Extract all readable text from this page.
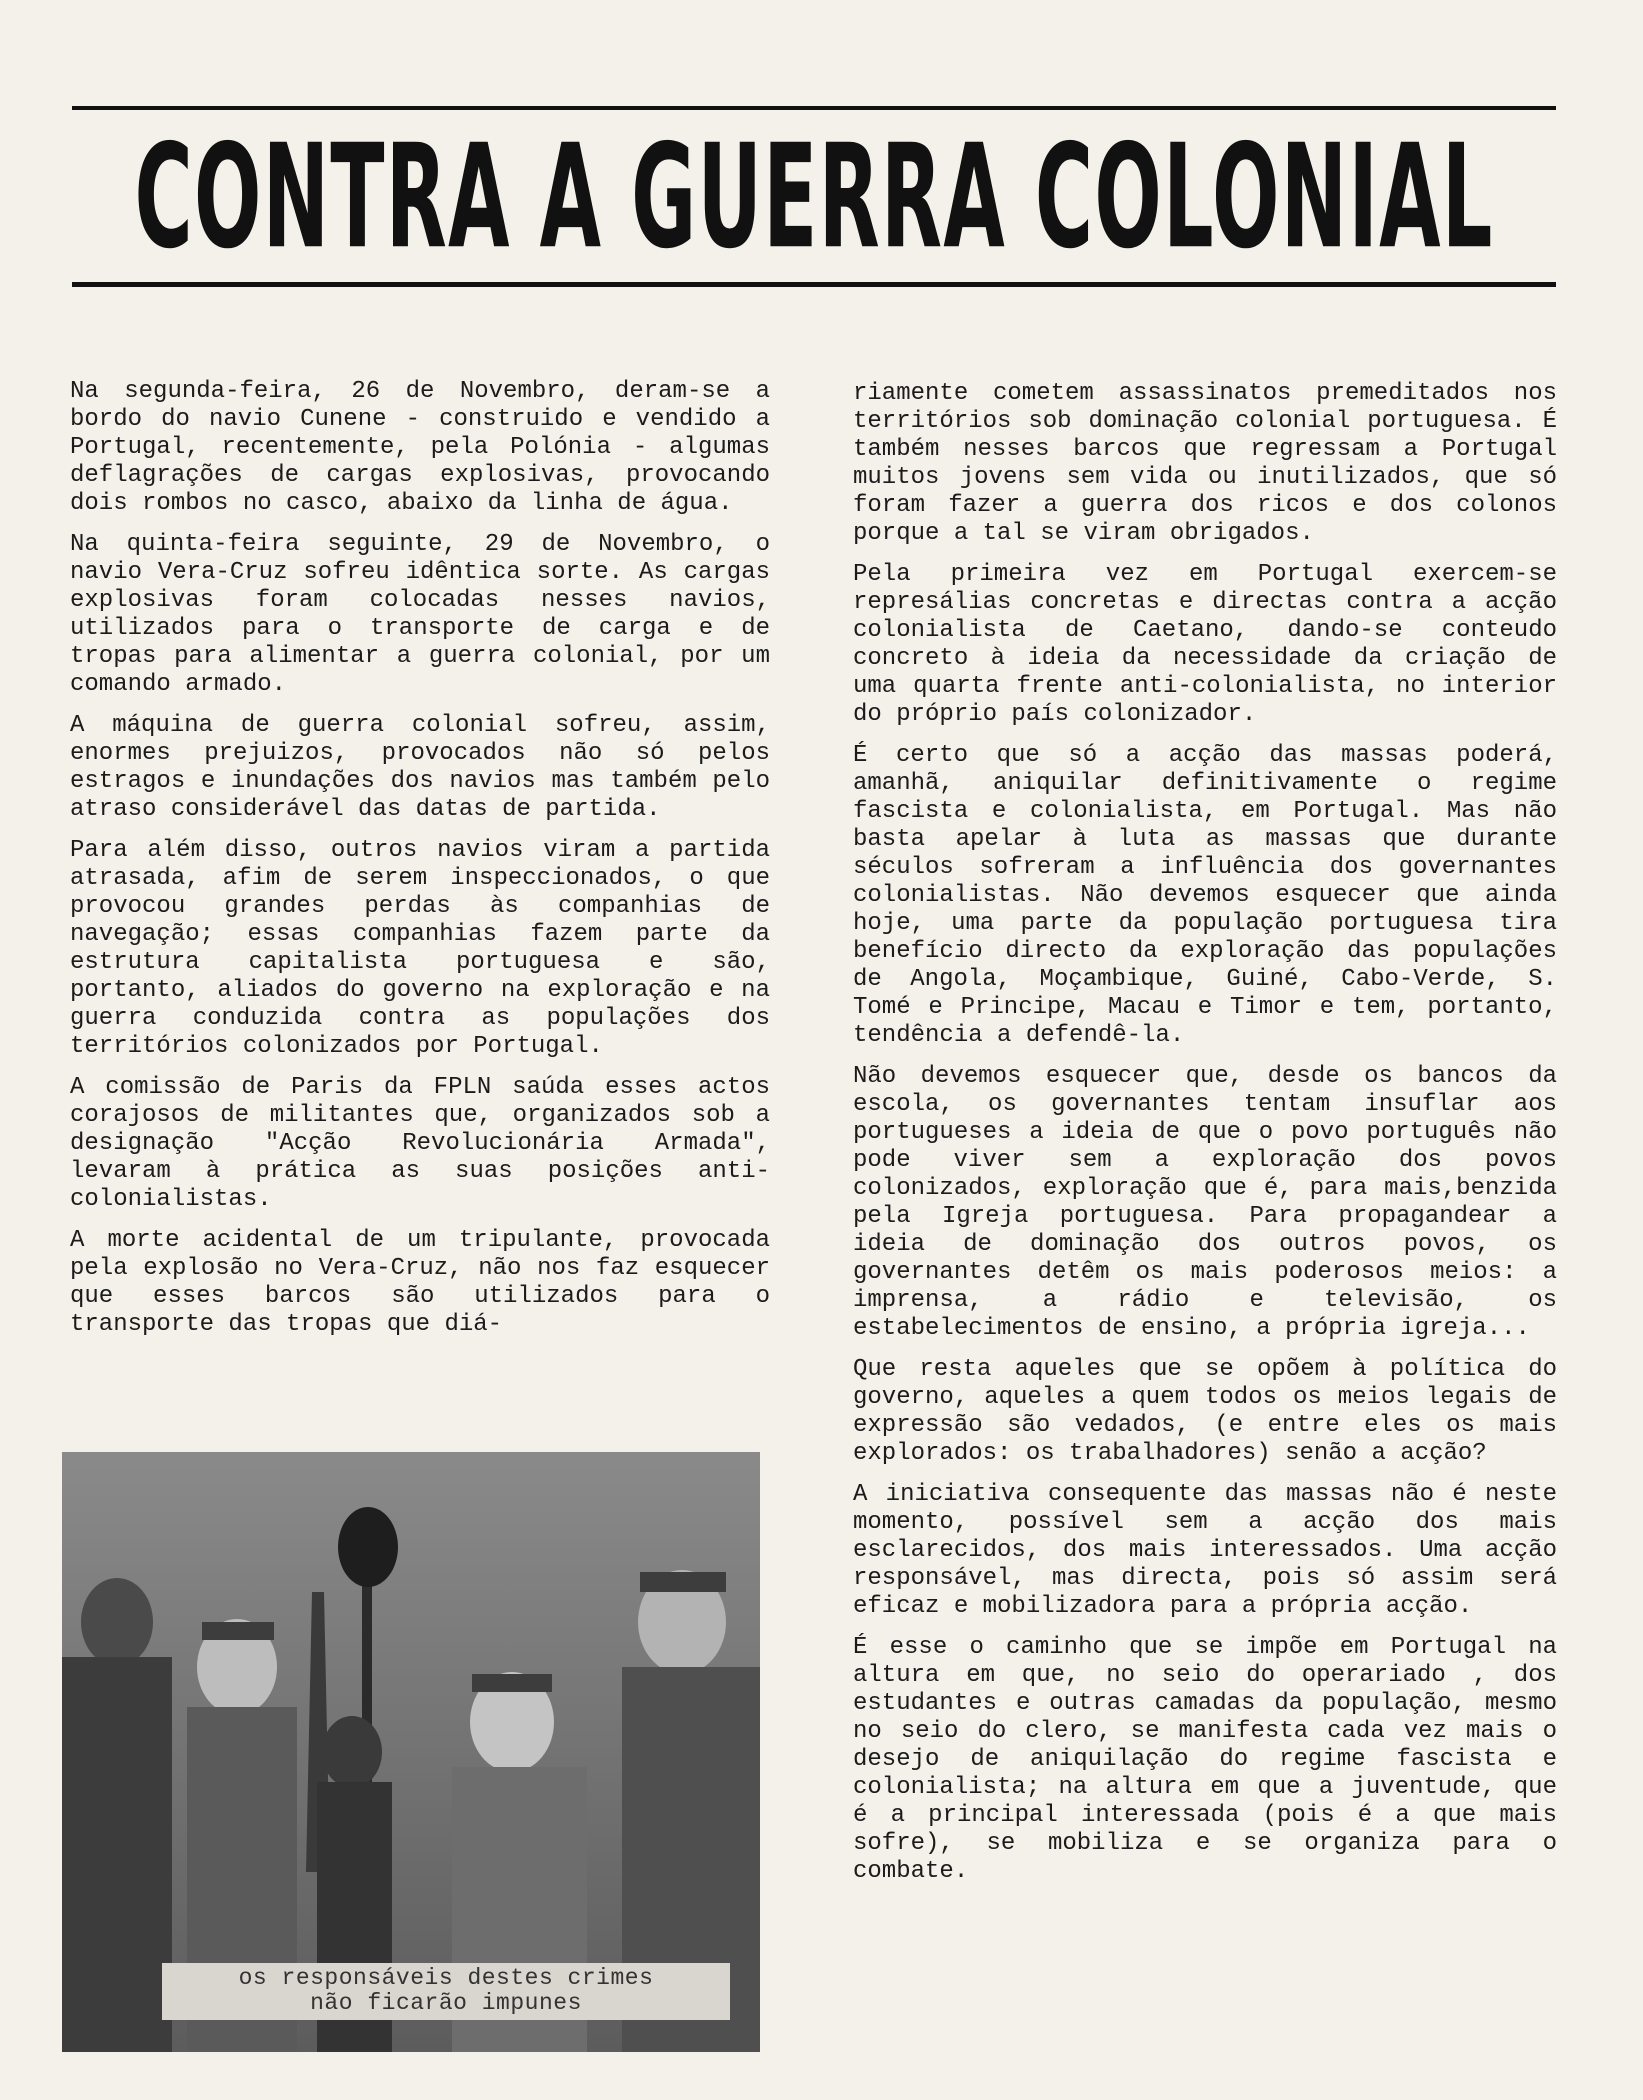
CONTRA A GUERRA COLONIAL

Na segunda-feira, 26 de Novembro, deram-se a bordo do navio Cunene - construido e vendido a Portugal, recentemente, pela Polónia - algumas deflagrações de cargas explosivas, provocando dois rombos no casco, abaixo da linha de água.

Na quinta-feira seguinte, 29 de Novembro, o navio Vera-Cruz sofreu idêntica sorte. As cargas explosivas foram colocadas nesses navios, utilizados para o transporte de carga e de tropas para alimentar a guerra colonial, por um comando armado.

A máquina de guerra colonial sofreu, assim, enormes prejuizos, provocados não só pelos estragos e inundações dos navios mas também pelo atraso considerável das datas de partida.

Para além disso, outros navios viram a partida atrasada, afim de serem inspeccionados, o que provocou grandes perdas às companhias de navegação; essas companhias fazem parte da estrutura capitalista portuguesa e são, portanto, aliados do governo na exploração e na guerra conduzida contra as populações dos territórios colonizados por Portugal.

A comissão de Paris da FPLN saúda esses actos corajosos de militantes que, organizados sob a designação "Acção Revolucionária Armada", levaram à prática as suas posições anti-colonialistas.

A morte acidental de um tripulante, provocada pela explosão no Vera-Cruz, não nos faz esquecer que esses barcos são utilizados para o transporte das tropas que diá-

os responsáveis destes crimes
não ficarão impunes

riamente cometem assassinatos premeditados nos territórios sob dominação colonial portuguesa. É também nesses barcos que regressam a Portugal muitos jovens sem vida ou inutilizados, que só foram fazer a guerra dos ricos e dos colonos porque a tal se viram obrigados.

Pela primeira vez em Portugal exercem-se represálias concretas e directas contra a acção colonialista de Caetano, dando-se conteudo concreto à ideia da necessidade da criação de uma quarta frente anti-colonialista, no interior do próprio país colonizador.

É certo que só a acção das massas poderá, amanhã, aniquilar definitivamente o regime fascista e colonialista, em Portugal. Mas não basta apelar à luta as massas que durante séculos sofreram a influência dos governantes colonialistas. Não devemos esquecer que ainda hoje, uma parte da população portuguesa tira benefício directo da exploração das populações de Angola, Moçambique, Guiné, Cabo-Verde, S. Tomé e Principe, Macau e Timor e tem, portanto, tendência a defendê-la.

Não devemos esquecer que, desde os bancos da escola, os governantes tentam insuflar aos portugueses a ideia de que o povo português não pode viver sem a exploração dos povos colonizados, exploração que é, para mais,benzida pela Igreja portuguesa. Para propagandear a ideia de dominação dos outros povos, os governantes detêm os mais poderosos meios: a imprensa, a rádio e televisão, os estabelecimentos de ensino, a própria igreja...

Que resta aqueles que se opõem à política do governo, aqueles a quem todos os meios legais de expressão são vedados, (e entre eles os mais explorados: os trabalhadores) senão a acção?

A iniciativa consequente das massas não é neste momento, possível sem a acção dos mais esclarecidos, dos mais interessados. Uma acção responsável, mas directa, pois só assim será eficaz e mobilizadora para a própria acção.

É esse o caminho que se impõe em Portugal na altura em que, no seio do operariado , dos estudantes e outras camadas da população, mesmo no seio do clero, se manifesta cada vez mais o desejo de aniquilação do regime fascista e colonialista; na altura em que a juventude, que é a principal interessada (pois é a que mais sofre), se mobiliza e se organiza para o combate.
